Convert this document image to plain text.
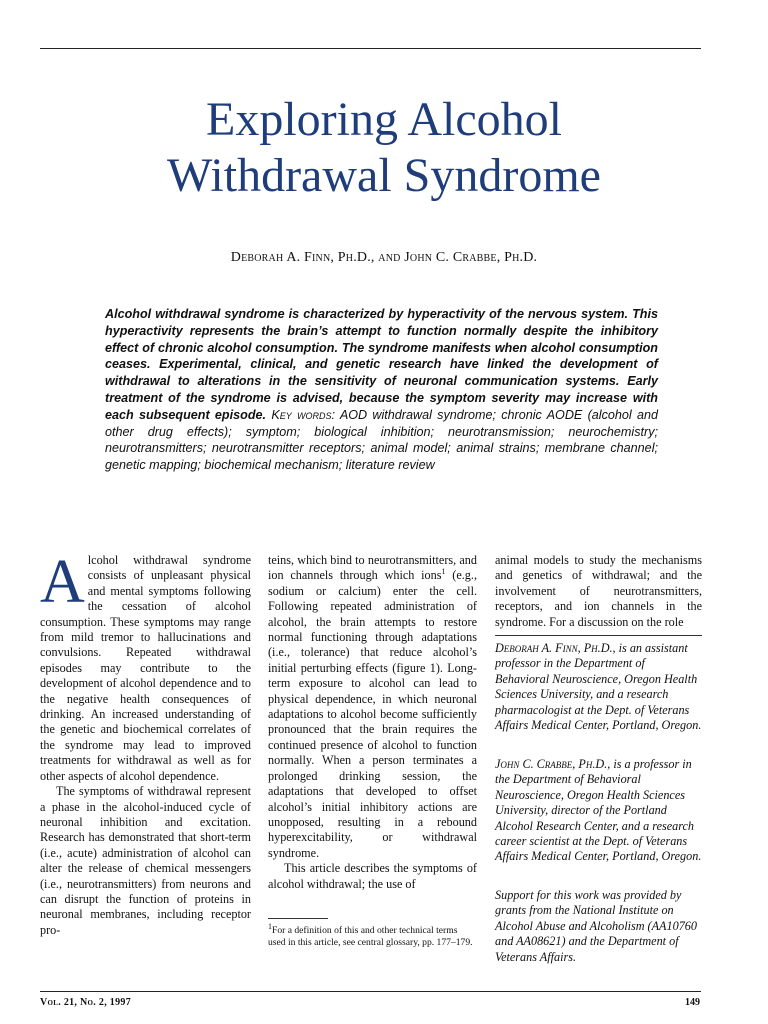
Exploring Alcohol
Withdrawal Syndrome
Deborah A. Finn, Ph.D., and John C. Crabbe, Ph.D.
Alcohol withdrawal syndrome is characterized by hyperactivity of the nervous system. This hyperactivity represents the brain’s attempt to function normally despite the inhibitory effect of chronic alcohol consumption. The syndrome manifests when alcohol consumption ceases. Experimental, clinical, and genetic research have linked the development of withdrawal to alterations in the sensitivity of neuronal communication systems. Early treatment of the syndrome is advised, because the symptom severity may increase with each subsequent episode. Key words: AOD withdrawal syndrome; chronic AODE (alcohol and other drug effects); symptom; biological inhibition; neurotransmission; neurochemistry; neurotransmitters; neurotransmitter receptors; animal model; animal strains; membrane channel; genetic mapping; biochemical mechanism; literature review

Alcohol withdrawal syndrome consists of unpleasant physical and mental symptoms following the cessation of alcohol consumption. These symptoms may range from mild tremor to hallucinations and convulsions. Repeated withdrawal episodes may contribute to the development of alcohol dependence and to the negative health consequences of drinking. An increased understanding of the genetic and biochemical correlates of the syndrome may lead to improved treatments for withdrawal as well as for other aspects of alcohol dependence.

The symptoms of withdrawal represent a phase in the alcohol-induced cycle of neuronal inhibition and excitation. Research has demonstrated that short-term (i.e., acute) administration of alcohol can alter the release of chemical messengers (i.e., neurotransmitters) from neurons and can disrupt the function of proteins in neuronal membranes, including receptor pro-

teins, which bind to neurotransmitters, and ion channels through which ions$^1$ (e.g., sodium or calcium) enter the cell. Following repeated administration of alcohol, the brain attempts to restore normal functioning through adaptations (i.e., tolerance) that reduce alcohol’s initial perturbing effects (figure 1). Long-term exposure to alcohol can lead to physical dependence, in which neuronal adaptations to alcohol become sufficiently pronounced that the brain requires the continued presence of alcohol to function normally. When a person terminates a prolonged drinking session, the adaptations that developed to offset alcohol’s initial inhibitory actions are unopposed, resulting in a rebound hyperexcitability, or withdrawal syndrome.

This article describes the symptoms of alcohol withdrawal; the use of

$^1$For a definition of this and other technical terms used in this article, see central glossary, pp. 177–179.

animal models to study the mechanisms and genetics of withdrawal; and the involvement of neurotransmitters, receptors, and ion channels in the syndrome. For a discussion on the role

Deborah A. Finn, Ph.D., is an assistant professor in the Department of Behavioral Neuroscience, Oregon Health Sciences University, and a research pharmacologist at the Dept. of Veterans Affairs Medical Center, Portland, Oregon.
John C. Crabbe, Ph.D., is a professor in the Department of Behavioral Neuroscience, Oregon Health Sciences University, director of the Portland Alcohol Research Center, and a research career scientist at the Dept. of Veterans Affairs Medical Center, Portland, Oregon.
Support for this work was provided by grants from the National Institute on Alcohol Abuse and Alcoholism (AA10760 and AA08621) and the Department of Veterans Affairs.
Vol. 21, No. 2, 1997	149
